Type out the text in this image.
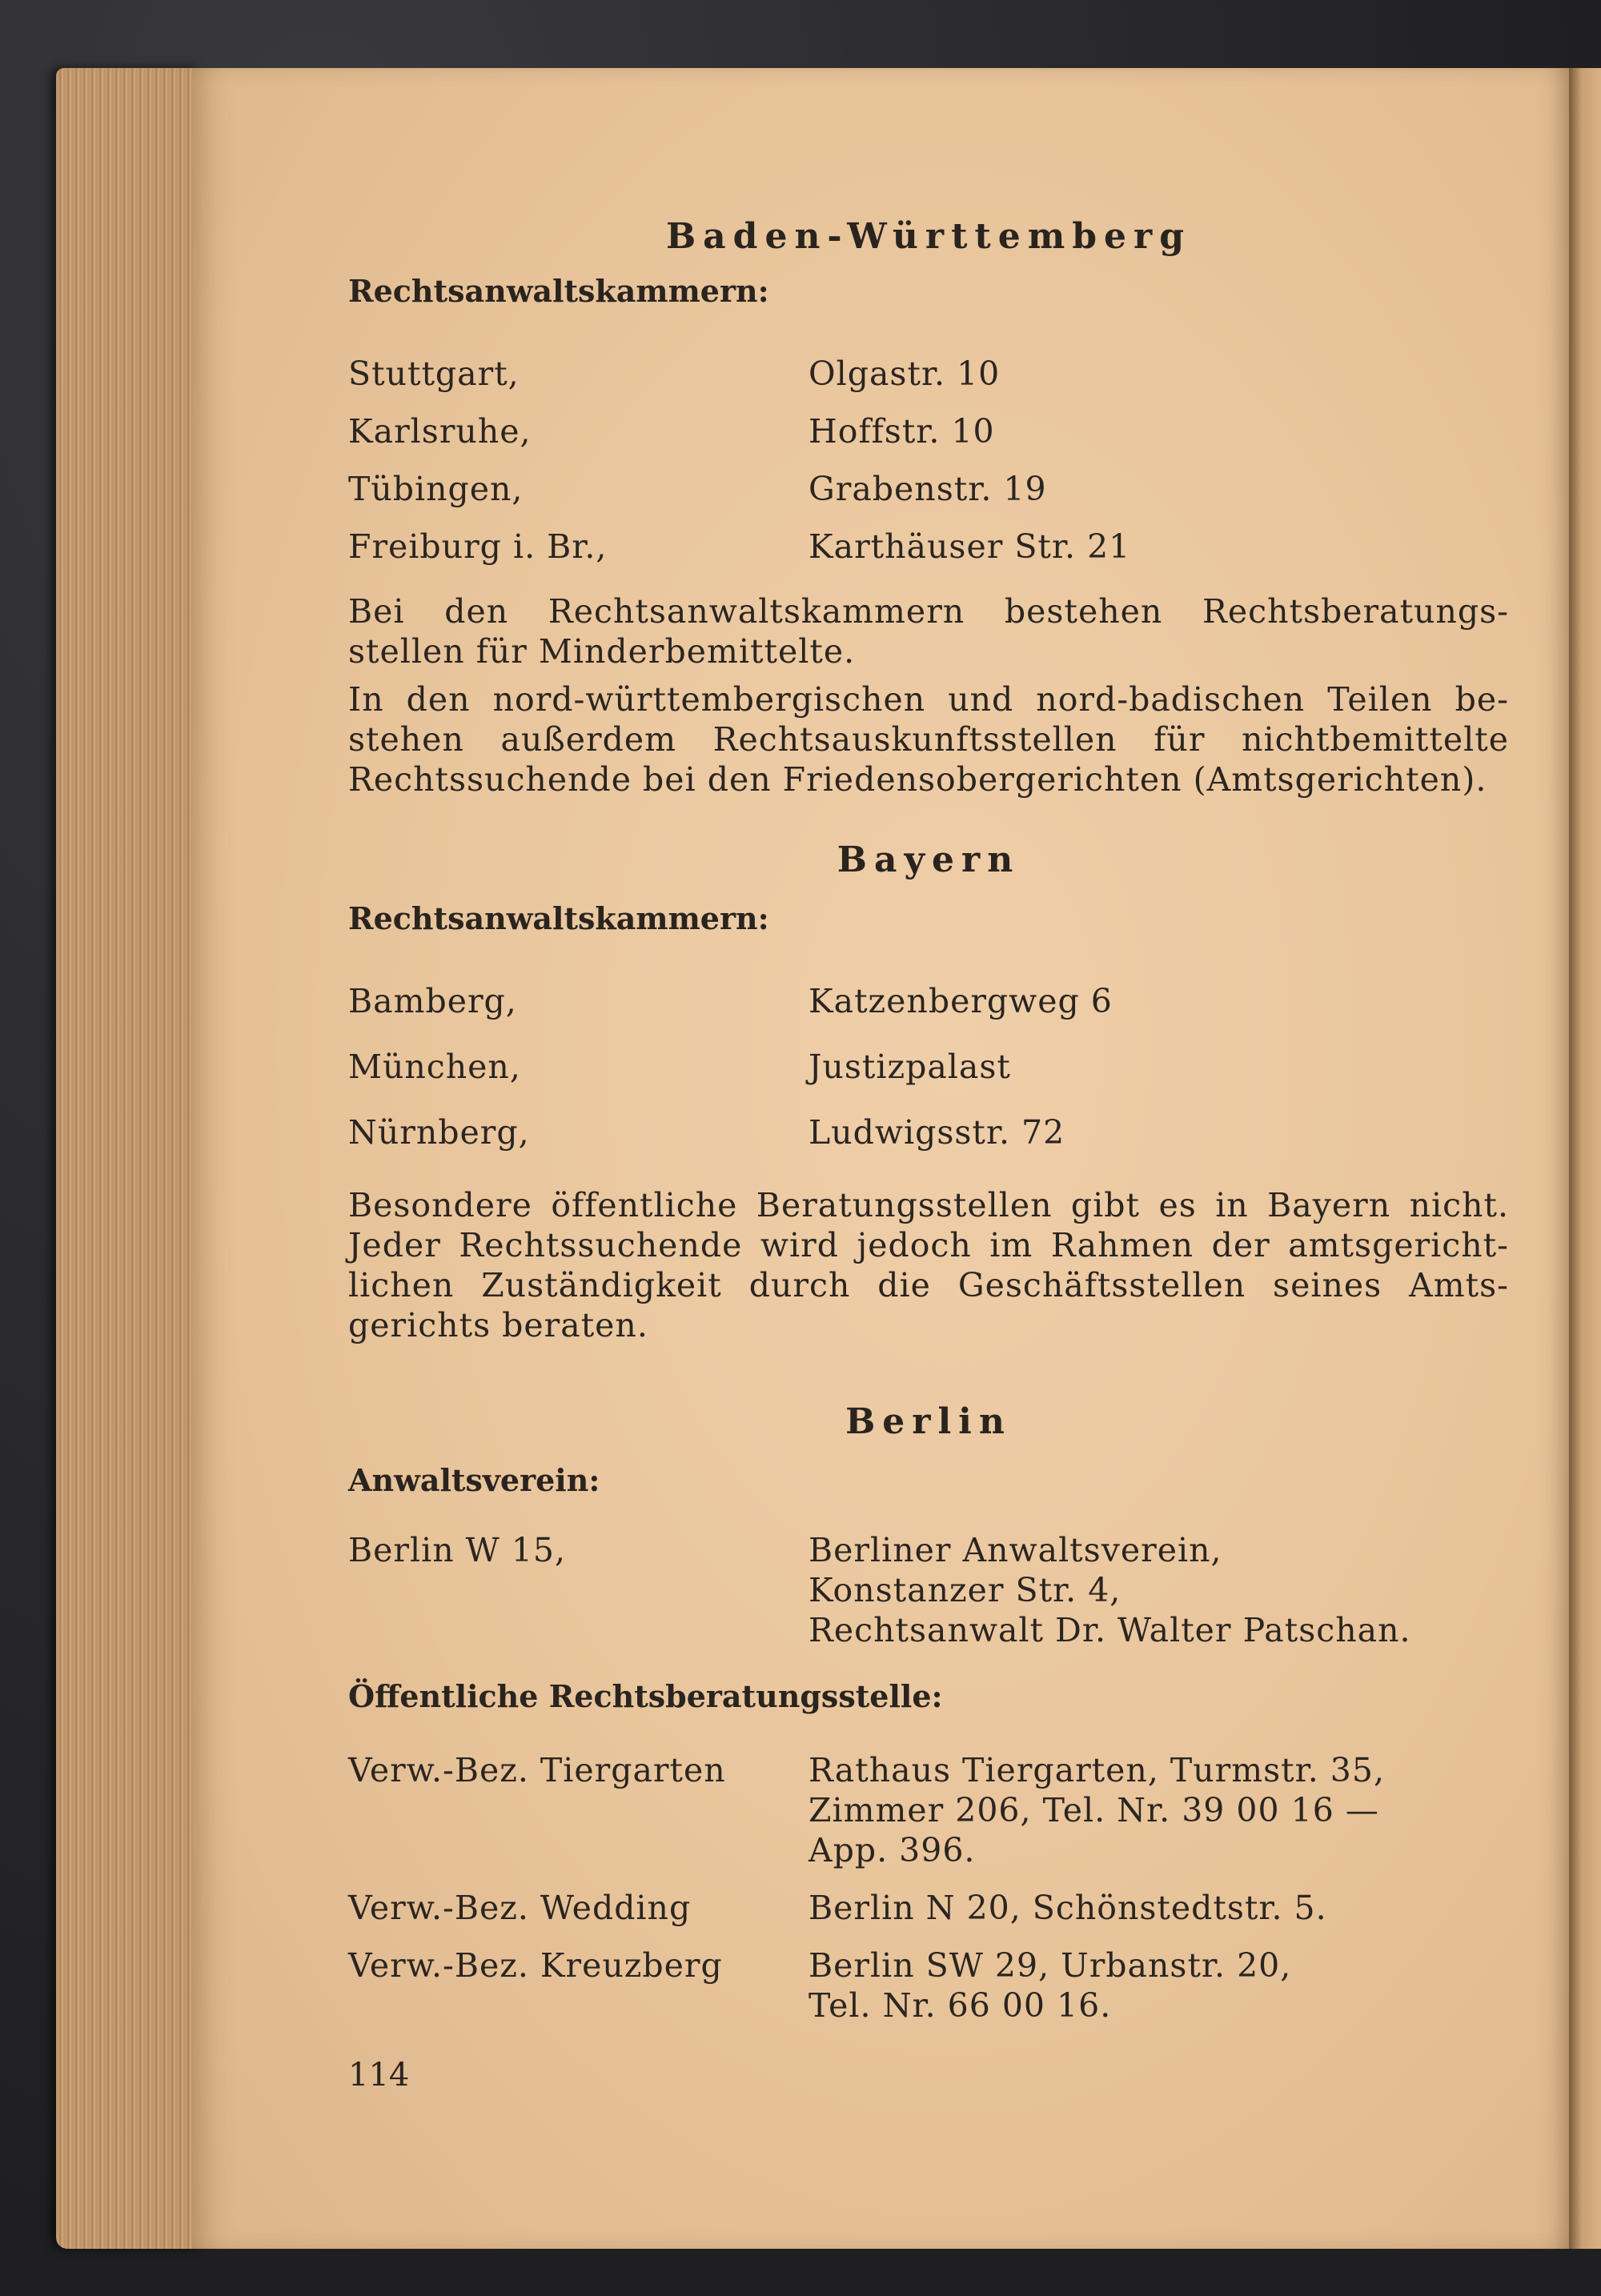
Baden-Württemberg
Rechtsanwaltskammern:
Stuttgart,	Olgastr. 10
Karlsruhe,	Hoffstr. 10
Tübingen,	Grabenstr. 19
Freiburg i. Br.,	Karthäuser Str. 21

Bei den Rechtsanwaltskammern bestehen Rechtsberatungs-

stellen für Minderbemittelte.

In den nord-württembergischen und nord-badischen Teilen be-

stehen außerdem Rechtsauskunftsstellen für nichtbemittelte

Rechtssuchende bei den Friedensobergerichten (Amtsgerichten).

Bayern
Rechtsanwaltskammern:
Bamberg,	Katzenbergweg 6
München,	Justizpalast
Nürnberg,	Ludwigsstr. 72

Besondere öffentliche Beratungsstellen gibt es in Bayern nicht.

Jeder Rechtssuchende wird jedoch im Rahmen der amtsgericht-

lichen Zuständigkeit durch die Geschäftsstellen seines Amts-

gerichts beraten.

Berlin
Anwaltsverein:
Berlin W 15,	Berliner Anwaltsverein,
Konstanzer Str. 4,
Rechtsanwalt Dr. Walter Patschan.
Öffentliche Rechtsberatungsstelle:
Verw.-Bez. Tiergarten	Rathaus Tiergarten, Turmstr. 35,
Zimmer 206, Tel. Nr. 39 00 16 —
App. 396.
Verw.-Bez. Wedding	Berlin N 20, Schönstedtstr. 5.
Verw.-Bez. Kreuzberg	Berlin SW 29, Urbanstr. 20,
Tel. Nr. 66 00 16.
114
